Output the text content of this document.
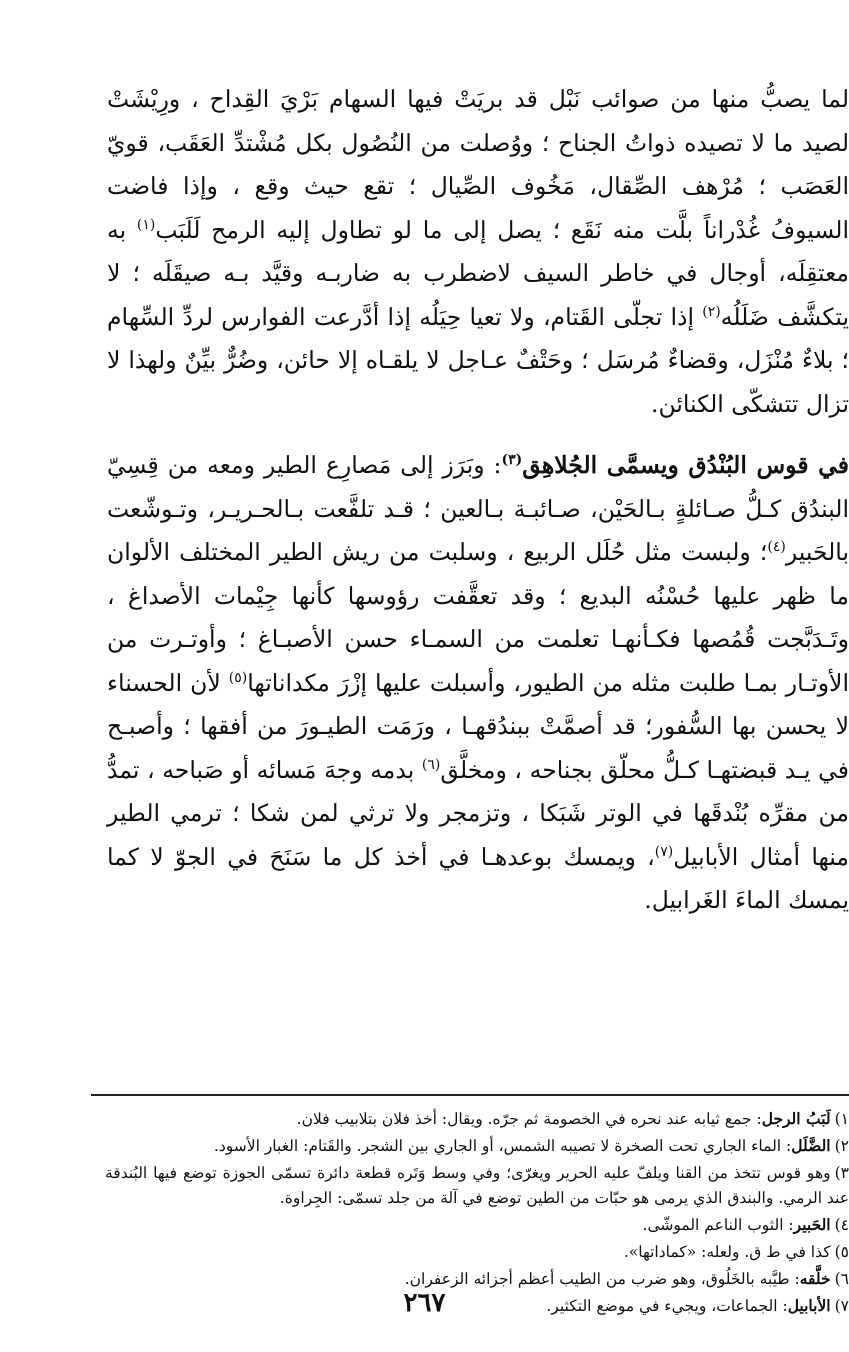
لما يصبُّ منها من صوائب نَبْل قد بريَتْ فيها السهام بَرْيَ القِداح ، ورِيْشَتْ لصيد ما لا تصيده ذواتُ الجناح ؛ ووُصلت من النُصُول بكل مُشْتدِّ العَقَب، قويّ العَصَب ؛ مُرْهف الصِّقال، مَخُوف الصِّيال ؛ تقع حيث وقع ، وإذا فاضت السيوفُ غُدْراناً بلَّت منه نَقَع ؛ يصل إلى ما لو تطاول إليه الرمح لَلَبَب$^{(١)}$ به معتقِلَه، أوجال في خاطر السيف لاضطرب به ضاربـه وقيَّد بـه صيقَلَه ؛ لا يتكشَّف ضَلَلُه$^{(٢)}$ إذا تجلّى القَتام، ولا تعيا حِيَلُه إذا أدَّرعت الفوارس لردِّ السِّهام ؛ بلاءٌ مُنْزَل، وقضاءٌ مُرسَل ؛ وحَتْفٌ عـاجل لا يلقـاه إلا حائن، وضُرٌّ بيِّنٌ ولهذا لا تزال تتشكّى الكنائن.

في قوس البُنْدُق ويسمَّى الجُلاهِق$^{(٣)}$: وبَرَز إلى مَصارِع الطير ومعه من قِسِيّ البندُق كـلُّ صـائلةٍ بـالحَيْن، صـائبـة بـالعين ؛ قـد تلفَّعت بـالحـريـر، وتـوشّعت بالحَبير$^{(٤)}$؛ ولبست مثل حُلَل الربيع ، وسلبت من ريش الطير المختلف الألوان ما ظهر عليها حُسْنُه البديع ؛ وقد تعقَّفت رؤوسها كأنها جِيْمات الأصداغ ، وتَـدَبَّجت قُمُصها فكـأنهـا تعلمت من السمـاء حسن الأصبـاغ ؛ وأوتـرت من الأوتـار بمـا طلبت مثله من الطيور، وأسبلت عليها إزْرَ مكداناتها$^{(٥)}$ لأن الحسناء لا يحسن بها السُّفور؛ قد أصمَّتْ ببندُقهـا ، ورَمَت الطيـورَ من أفقها ؛ وأصبـح في يـد قبضتهـا كـلُّ محلّق بجناحه ، ومخلَّق$^{(٦)}$ بدمه وجهَ مَسائه أو صَباحه ، تمدُّ من مقرِّه بُنْدقَها في الوتر شَبَكا ، وتزمجر ولا ترثي لمن شكا ؛ ترمي الطير منها أمثال الأبابيل$^{(٧)}$، ويمسك بوعدهـا في أخذ كل ما سَنَحَ في الجوّ لا كما يمسك الماءَ الغَرابيل.

١)لَبَبُ الرجل: جمع ثيابه عند نحره في الخصومة ثم جرّه. ويقال: أخذ فلان بتلابيب فلان.

٢)الضَّلَل: الماء الجاري تحت الصخرة لا تصيبه الشمس، أو الجاري بين الشجر. والقَتام: الغبار الأسود.

٣)وهو قوس تتخذ من القنا ويلفّ عليه الحرير ويغرّى؛ وفي وسط وَتَره قطعة دائرة تسمّى الجوزة توضع فيها البُندقة عند الرمي. والبندق الذي يرمى هو حبّات من الطين توضع في آلة من جلد تسمّى: الجِراوة.

٤)الحَبير: الثوب الناعم الموشّى.

٥)كذا في ط ق. ولعله: «كماداتها».

٦)خلَّقه: طيَّبه بالخَلُوق، وهو ضرب من الطيب أعظم أجزائه الزعفران.

٧)الأبابيل: الجماعات، ويجيء في موضع التكثير.

٢٦٧
